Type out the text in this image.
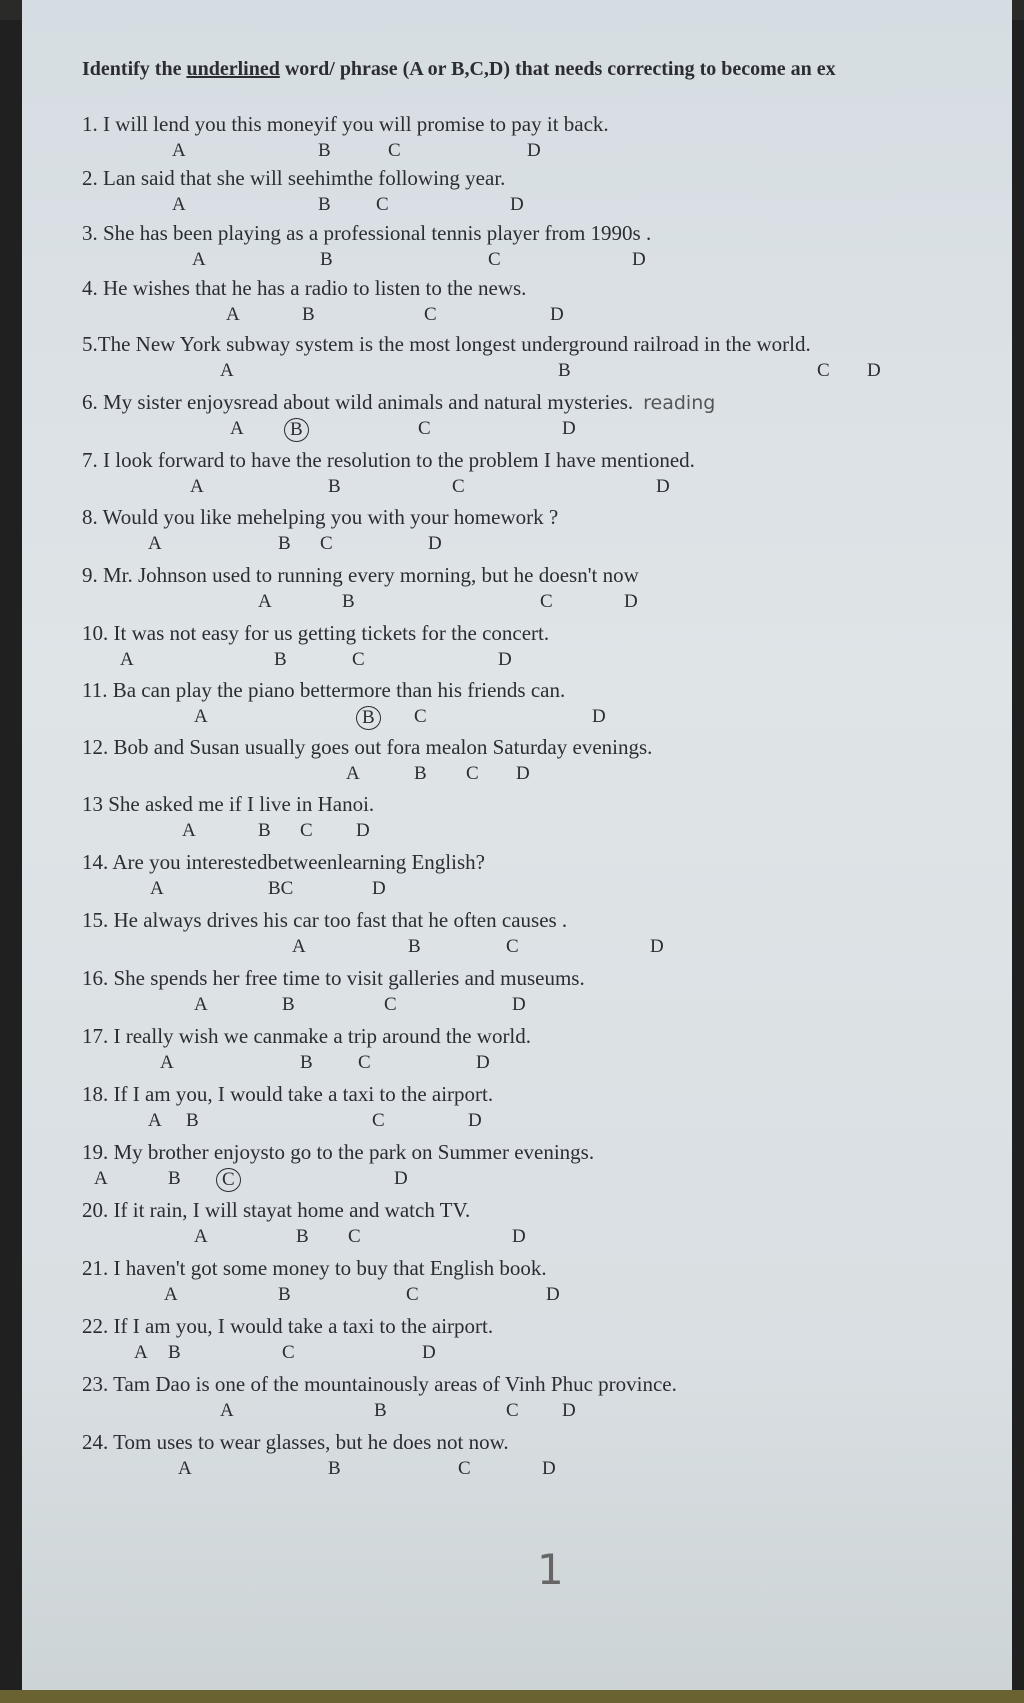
Identify the underlined word/ phrase (A or B,C,D) that needs correcting to become an ex
1. I will lend you this moneyif you will promise to pay it back.
A	B	C	D
2. Lan said that she will seehimthe following year.
A	B C	D
3. She has been playing as a professional tennis player from 1990s .
A	B	C	D
4. He wishes that he has a radio to listen to the news.
A	B	C	D
5.The New York subway system is the most longest underground railroad in the world.
A	B	C D
6. My sister enjoysread about wild animals and natural mysteries. reading
A	B	C	D
7. I look forward to have the resolution to the problem I have mentioned.
A	B	C	D
8. Would you like mehelping you with your homework ?
A	B C	D
9. Mr. Johnson used to running every morning, but he doesn't now
A	B	C	D
10. It was not easy for us getting tickets for the concert.
A	B	C	D
11. Ba can play the piano bettermore than his friends can.
A	B	C	D
12. Bob and Susan usually goes out fora mealon Saturday evenings.
A	B C D
13 She asked me if I live in Hanoi.
A	B C D
14. Are you interestedbetweenlearning English?
A	BC	D
15. He always drives his car too fast that he often causes .
A	B	C	D
16. She spends her free time to visit galleries and museums.
A	B	C	D
17. I really wish we canmake a trip around the world.
A	B C	D
18. If I am you, I would take a taxi to the airport.
A B	C	D
19. My brother enjoysto go to the park on Summer evenings.
A	B	C	D
20. If it rain, I will stayat home and watch TV.
A	B C	D
21. I haven't got some money to buy that English book.
A	B	C	D
22. If I am you, I would take a taxi to the airport.
A B	C	D
23. Tam Dao is one of the mountainously areas of Vinh Phuc province.
A	B	C D
24. Tom uses to wear glasses, but he does not now.
A	B	C	D
1
